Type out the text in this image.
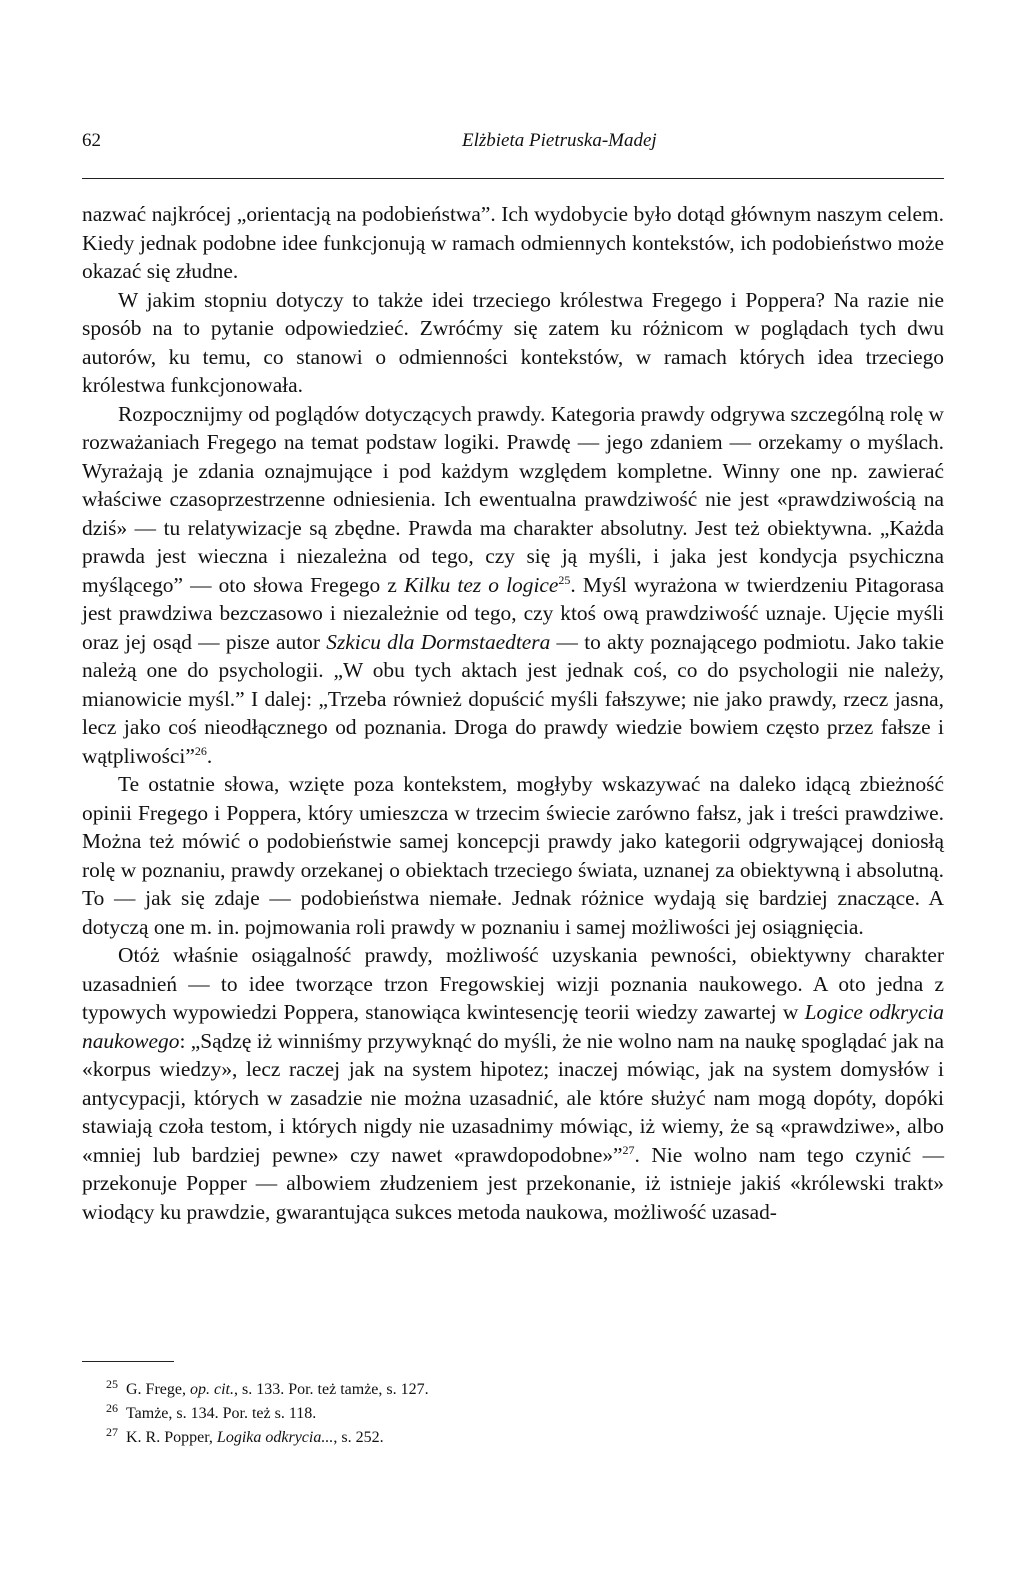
62	Elżbieta Pietruska-Madej

nazwać najkrócej „orientacją na podobieństwa”. Ich wydobycie było dotąd głównym naszym celem. Kiedy jednak podobne idee funkcjonują w ramach odmiennych kontekstów, ich podobieństwo może okazać się złudne.

W jakim stopniu dotyczy to także idei trzeciego królestwa Fregego i Poppera? Na razie nie sposób na to pytanie odpowiedzieć. Zwróćmy się zatem ku różnicom w poglądach tych dwu autorów, ku temu, co stanowi o odmienności kontekstów, w ramach których idea trzeciego królestwa funkcjonowała.

Rozpocznijmy od poglądów dotyczących prawdy. Kategoria prawdy odgrywa szczególną rolę w rozważaniach Fregego na temat podstaw logiki. Prawdę — jego zdaniem — orzekamy o myślach. Wyrażają je zdania oznajmujące i pod każdym względem kompletne. Winny one np. zawierać właściwe czasoprzestrzenne odniesienia. Ich ewentualna prawdziwość nie jest «prawdziwością na dziś» — tu relatywizacje są zbędne. Prawda ma charakter absolutny. Jest też obiektywna. „Każda prawda jest wieczna i niezależna od tego, czy się ją myśli, i jaka jest kondycja psychiczna myślącego” — oto słowa Fregego z Kilku tez o logice$^{25}$. Myśl wyrażona w twierdzeniu Pitagorasa jest prawdziwa bezczasowo i niezależnie od tego, czy ktoś ową prawdziwość uznaje. Ujęcie myśli oraz jej osąd — pisze autor Szkicu dla Dormstaedtera — to akty poznającego podmiotu. Jako takie należą one do psychologii. „W obu tych aktach jest jednak coś, co do psychologii nie należy, mianowicie myśl.” I dalej: „Trzeba również dopuścić myśli fałszywe; nie jako prawdy, rzecz jasna, lecz jako coś nieodłącznego od poznania. Droga do prawdy wiedzie bowiem często przez fałsze i wątpliwości”$^{26}$.

Te ostatnie słowa, wzięte poza kontekstem, mogłyby wskazywać na daleko idącą zbieżność opinii Fregego i Poppera, który umieszcza w trzecim świecie zarówno fałsz, jak i treści prawdziwe. Można też mówić o podobieństwie samej koncepcji prawdy jako kategorii odgrywającej doniosłą rolę w poznaniu, prawdy orzekanej o obiektach trzeciego świata, uznanej za obiektywną i absolutną. To — jak się zdaje — podobieństwa niemałe. Jednak różnice wydają się bardziej znaczące. A dotyczą one m. in. pojmowania roli prawdy w poznaniu i samej możliwości jej osiągnięcia.

Otóż właśnie osiągalność prawdy, możliwość uzyskania pewności, obiektywny charakter uzasadnień — to idee tworzące trzon Fregowskiej wizji poznania naukowego. A oto jedna z typowych wypowiedzi Poppera, stanowiąca kwintesencję teorii wiedzy zawartej w Logice odkrycia naukowego: „Sądzę iż winniśmy przywyknąć do myśli, że nie wolno nam na naukę spoglądać jak na «korpus wiedzy», lecz raczej jak na system hipotez; inaczej mówiąc, jak na system domysłów i antycypacji, których w zasadzie nie można uzasadnić, ale które służyć nam mogą dopóty, dopóki stawiają czoła testom, i których nigdy nie uzasadnimy mówiąc, iż wiemy, że są «prawdziwe», albo «mniej lub bardziej pewne» czy nawet «prawdopodobne»”$^{27}$. Nie wolno nam tego czynić — przekonuje Popper — albowiem złudzeniem jest przekonanie, iż istnieje jakiś «królewski trakt» wiodący ku prawdzie, gwarantująca sukces metoda naukowa, możliwość uzasad-

$^{25}$ G. Frege, op. cit., s. 133. Por. też tamże, s. 127.
$^{26}$ Tamże, s. 134. Por. też s. 118.
$^{27}$ K. R. Popper, Logika odkrycia..., s. 252.
